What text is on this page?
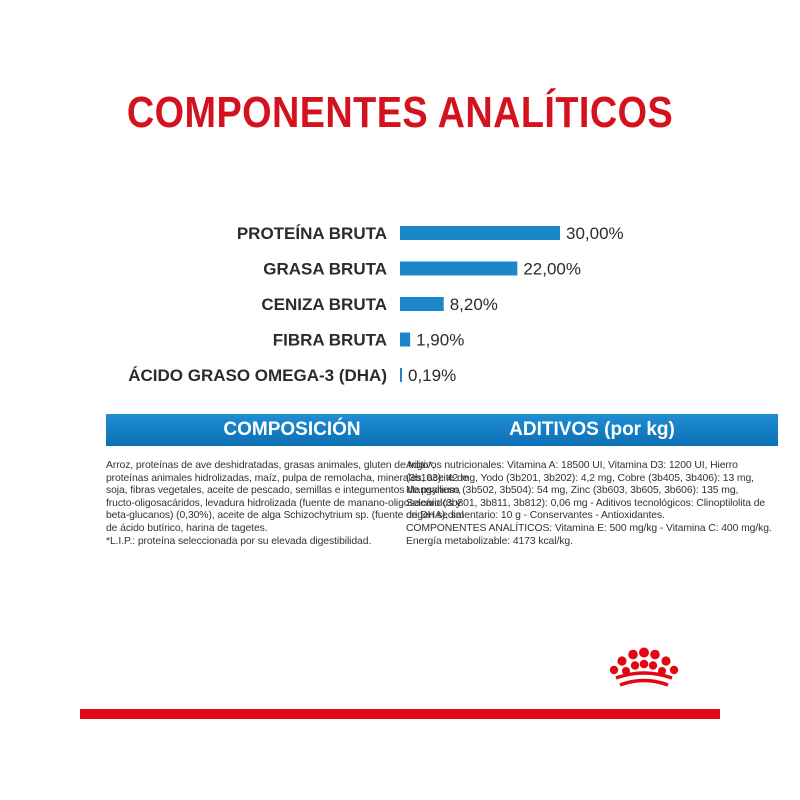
COMPONENTES ANALÍTICOS
PROTEÍNA BRUTA	30,00%
GRASA BRUTA	22,00%
CENIZA BRUTA	8,20%
FIBRA BRUTA 1,90%
ÁCIDO GRASO OMEGA-3 (DHA) 0,19%
COMPOSICIÓN
Arroz, proteínas de ave deshidratadas, grasas animales, gluten de trigo*, proteínas animales hidrolizadas, maíz, pulpa de remolacha, minerales, aceite de soja, fibras vegetales, aceite de pescado, semillas e integumentos de psyllium, fructo-oligosacáridos, levadura hidrolizada (fuente de manano-oligosacáridos y beta-glucanos) (0,30%), aceite de alga Schizochytrium sp. (fuente de DHA), sal de ácido butírico, harina de tagetes.
*L.I.P.: proteína seleccionada por su elevada digestibilidad.
ADITIVOS (por kg)
Aditivos nutricionales: Vitamina A: 18500 UI, Vitamina D3: 1200 UI, Hierro (3b103): 42 mg, Yodo (3b201, 3b202): 4,2 mg, Cobre (3b405, 3b406): 13 mg, Manganeso (3b502, 3b504): 54 mg, Zinc (3b603, 3b605, 3b606): 135 mg, Selenio (3b801, 3b811, 3b812): 0,06 mg - Aditivos tecnológicos: Clinoptilolita de origen sedimentario: 10 g - Conservantes - Antioxidantes.
COMPONENTES ANALÍTICOS: Vitamina E: 500 mg/kg - Vitamina C: 400 mg/kg. Energía metabolizable: 4173 kcal/kg.
